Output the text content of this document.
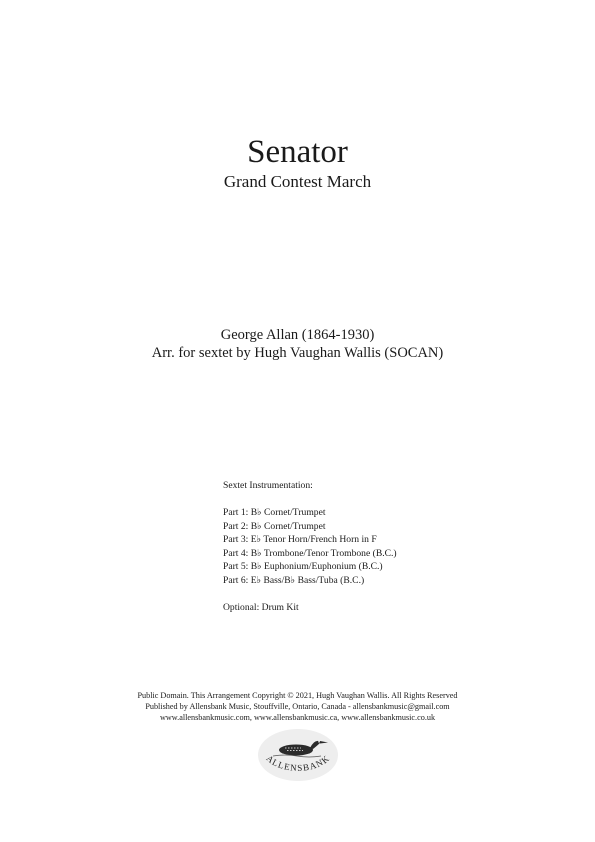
Senator
Grand Contest March
George Allan (1864-1930)
Arr. for sextet by Hugh Vaughan Wallis (SOCAN)
Sextet Instrumentation:
Part 1: B♭ Cornet/Trumpet
Part 2: B♭ Cornet/Trumpet
Part 3: E♭ Tenor Horn/French Horn in F
Part 4: B♭ Trombone/Tenor Trombone (B.C.)
Part 5: B♭ Euphonium/Euphonium (B.C.)
Part 6: E♭ Bass/B♭ Bass/Tuba (B.C.)
Optional: Drum Kit
Public Domain. This Arrangement Copyright © 2021, Hugh Vaughan Wallis. All Rights Reserved
Published by Allensbank Music, Stouffville, Ontario, Canada - allensbankmusic@gmail.com
www.allensbankmusic.com, www.allensbankmusic.ca, www.allensbankmusic.co.uk
ALLENSBANK
